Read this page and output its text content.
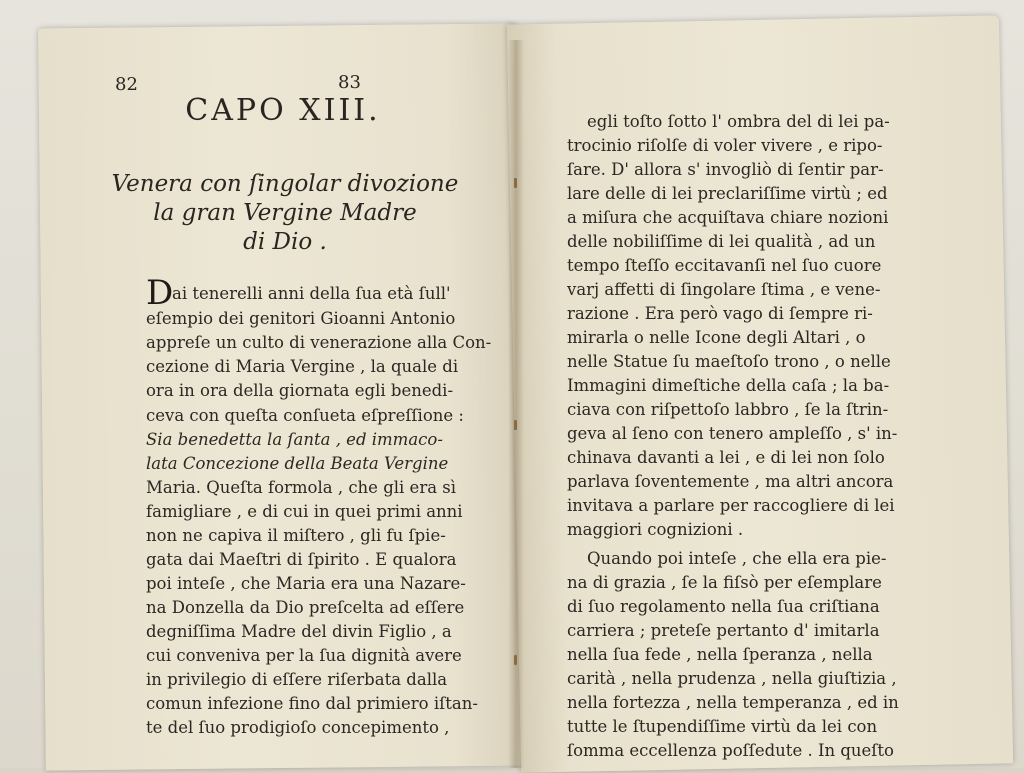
82	83
CAPO XIII.
Venera con ſingolar divozione
la gran Vergine Madre
di Dio .
D
ai tenerelli anni della ſua età ſull'
eſempio dei genitori Gioanni Antonio
appreſe un culto di venerazione alla Con-
cezione di Maria Vergine , la quale di
ora in ora della giornata egli benedi-
ceva con queſta conſueta eſpreſſione :
Sia benedetta la ſanta , ed immaco-
lata Concezione della Beata Vergine
Maria. Queſta formola , che gli era sì
famigliare , e di cui in quei primi anni
non ne capiva il miſtero , gli fu ſpie-
gata dai Maeſtri di ſpirito . E qualora
poi inteſe , che Maria era una Nazare-
na Donzella da Dio preſcelta ad eſſere
degniſſima Madre del divin Figlio , a
cui conveniva per la ſua dignità avere
in privilegio di eſſere riſerbata dalla
comun infezione fino dal primiero iſtan-
te del ſuo prodigioſo concepimento ,
egli toſto ſotto l' ombra del di lei pa-
trocinio riſolſe di voler vivere , e ripo-
ſare. D' allora s' invogliò di ſentir par-
lare delle di lei preclariſſime virtù ; ed
a miſura che acquiſtava chiare nozioni
delle nobiliſſime di lei qualità , ad un
tempo ſteſſo eccitavanſi nel ſuo cuore
varj affetti di ſingolare ſtima , e vene-
razione . Era però vago di ſempre ri-
mirarla o nelle Icone degli Altari , o
nelle Statue ſu maeſtoſo trono , o nelle
Immagini dimeſtiche della caſa ; la ba-
ciava con riſpettoſo labbro , ſe la ſtrin-
geva al ſeno con tenero ampleſſo , s' in-
chinava davanti a lei , e di lei non ſolo
parlava ſoventemente , ma altri ancora
invitava a parlare per raccogliere di lei
maggiori cognizioni .
Quando poi inteſe , che ella era pie-
na di grazia , ſe la fiſsò per eſemplare
di ſuo regolamento nella ſua criſtiana
carriera ; preteſe pertanto d' imitarla
nella ſua fede , nella ſperanza , nella
carità , nella prudenza , nella giuſtizia ,
nella fortezza , nella temperanza , ed in
tutte le ſtupendiſſime virtù da lei con
ſomma eccellenza poſſedute . In queſto
